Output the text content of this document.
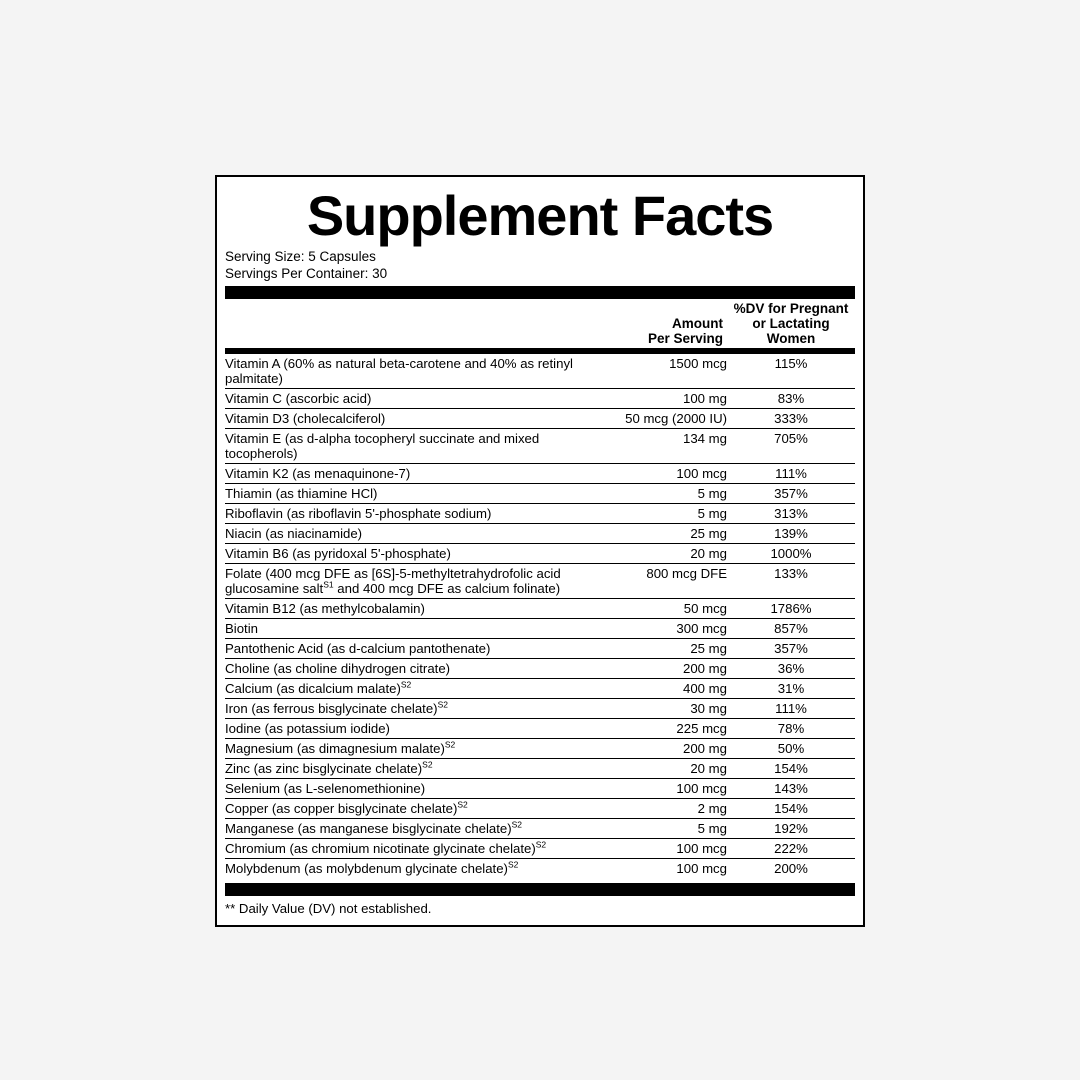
Supplement Facts
Serving Size: 5 Capsules
Servings Per Container: 30
Amount
Per Serving
%DV for Pregnant
or Lactating Women
Vitamin A (60% as natural beta-carotene and 40% as retinyl palmitate)	1500 mcg	115%
Vitamin C (ascorbic acid)	100 mg	83%
Vitamin D3 (cholecalciferol)	50 mcg (2000 IU)	333%
Vitamin E (as d-alpha tocopheryl succinate and mixed tocopherols)	134 mg	705%
Vitamin K2 (as menaquinone-7)	100 mcg	111%
Thiamin (as thiamine HCl)	5 mg	357%
Riboflavin (as riboflavin 5'-phosphate sodium)	5 mg	313%
Niacin (as niacinamide)	25 mg	139%
Vitamin B6 (as pyridoxal 5'-phosphate)	20 mg	1000%
Folate (400 mcg DFE as [6S]-5-methyltetrahydrofolic acid glucosamine salt$^{S1}$ and 400 mcg DFE as calcium folinate)	800 mcg DFE	133%
Vitamin B12 (as methylcobalamin)	50 mcg	1786%
Biotin	300 mcg	857%
Pantothenic Acid (as d-calcium pantothenate)	25 mg	357%
Choline (as choline dihydrogen citrate)	200 mg	36%
Calcium (as dicalcium malate)$^{S2}$	400 mg	31%
Iron (as ferrous bisglycinate chelate)$^{S2}$	30 mg	111%
Iodine (as potassium iodide)	225 mcg	78%
Magnesium (as dimagnesium malate)$^{S2}$	200 mg	50%
Zinc (as zinc bisglycinate chelate)$^{S2}$	20 mg	154%
Selenium (as L-selenomethionine)	100 mcg	143%
Copper (as copper bisglycinate chelate)$^{S2}$	2 mg	154%
Manganese (as manganese bisglycinate chelate)$^{S2}$	5 mg	192%
Chromium (as chromium nicotinate glycinate chelate)$^{S2}$	100 mcg	222%
Molybdenum (as molybdenum glycinate chelate)$^{S2}$	100 mcg	200%
** Daily Value (DV) not established.
